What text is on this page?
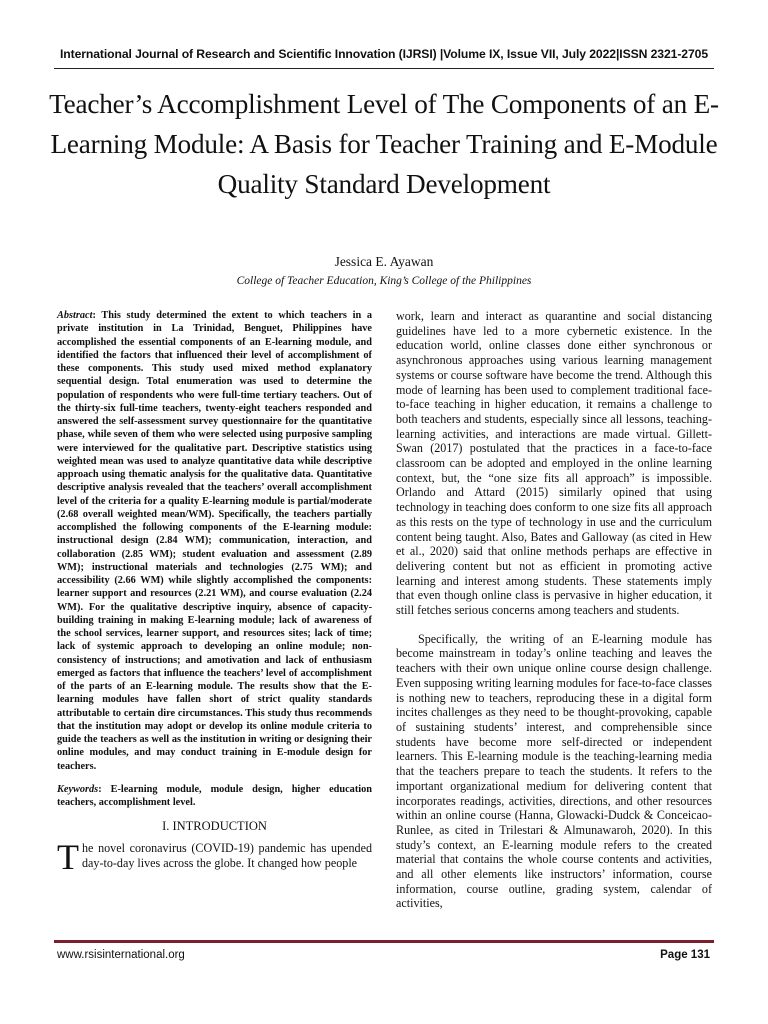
International Journal of Research and Scientific Innovation (IJRSI) |Volume IX, Issue VII, July 2022|ISSN 2321-2705
Teacher’s Accomplishment Level of The Components of an E-Learning Module: A Basis for Teacher Training and E-Module Quality Standard Development
Jessica E. Ayawan
College of Teacher Education, King’s College of the Philippines

Abstract: This study determined the extent to which teachers in a private institution in La Trinidad, Benguet, Philippines have accomplished the essential components of an E-learning module, and identified the factors that influenced their level of accomplishment of these components. This study used mixed method explanatory sequential design. Total enumeration was used to determine the population of respondents who were full-time tertiary teachers. Out of the thirty-six full-time teachers, twenty-eight teachers responded and answered the self-assessment survey questionnaire for the quantitative phase, while seven of them who were selected using purposive sampling were interviewed for the qualitative part. Descriptive statistics using weighted mean was used to analyze quantitative data while descriptive approach using thematic analysis for the qualitative data. Quantitative descriptive analysis revealed that the teachers’ overall accomplishment level of the criteria for a quality E-learning module is partial/moderate (2.68 overall weighted mean/WM). Specifically, the teachers partially accomplished the following components of the E-learning module: instructional design (2.84 WM); communication, interaction, and collaboration (2.85 WM); student evaluation and assessment (2.89 WM); instructional materials and technologies (2.75 WM); and accessibility (2.66 WM) while slightly accomplished the components: learner support and resources (2.21 WM), and course evaluation (2.24 WM). For the qualitative descriptive inquiry, absence of capacity-building training in making E-learning module; lack of awareness of the school services, learner support, and resources sites; lack of time; lack of systemic approach to developing an online module; non-consistency of instructions; and amotivation and lack of enthusiasm emerged as factors that influence the teachers’ level of accomplishment of the parts of an E-learning module. The results show that the E-learning modules have fallen short of strict quality standards attributable to certain dire circumstances. This study thus recommends that the institution may adopt or develop its online module criteria to guide the teachers as well as the institution in writing or designing their online modules, and may conduct training in E-module design for teachers.

Keywords: E-learning module, module design, higher education teachers, accomplishment level.

I. INTRODUCTION

The novel coronavirus (COVID-19) pandemic has upended day-to-day lives across the globe. It changed how people

work, learn and interact as quarantine and social distancing guidelines have led to a more cybernetic existence. In the education world, online classes done either synchronous or asynchronous approaches using various learning management systems or course software have become the trend. Although this mode of learning has been used to complement traditional face-to-face teaching in higher education, it remains a challenge to both teachers and students, especially since all lessons, teaching-learning activities, and interactions are made virtual. Gillett-Swan (2017) postulated that the practices in a face-to-face classroom can be adopted and employed in the online learning context, but, the “one size fits all approach” is impossible. Orlando and Attard (2015) similarly opined that using technology in teaching does conform to one size fits all approach as this rests on the type of technology in use and the curriculum content being taught. Also, Bates and Galloway (as cited in Hew et al., 2020) said that online methods perhaps are effective in delivering content but not as efficient in promoting active learning and interest among students. These statements imply that even though online class is pervasive in higher education, it still fetches serious concerns among teachers and students.

Specifically, the writing of an E-learning module has become mainstream in today’s online teaching and leaves the teachers with their own unique online course design challenge. Even supposing writing learning modules for face-to-face classes is nothing new to teachers, reproducing these in a digital form incites challenges as they need to be thought-provoking, capable of sustaining students’ interest, and comprehensible since students have become more self-directed or independent learners. This E-learning module is the teaching-learning media that the teachers prepare to teach the students. It refers to the important organizational medium for delivering content that incorporates readings, activities, directions, and other resources within an online course (Hanna, Glowacki-Dudck & Conceicao-Runlee, as cited in Trilestari & Almunawaroh, 2020). In this study’s context, an E-learning module refers to the created material that contains the whole course contents and activities, and all other elements like instructors’ information, course information, course outline, grading system, calendar of activities,

www.rsisinternational.org	Page 131
